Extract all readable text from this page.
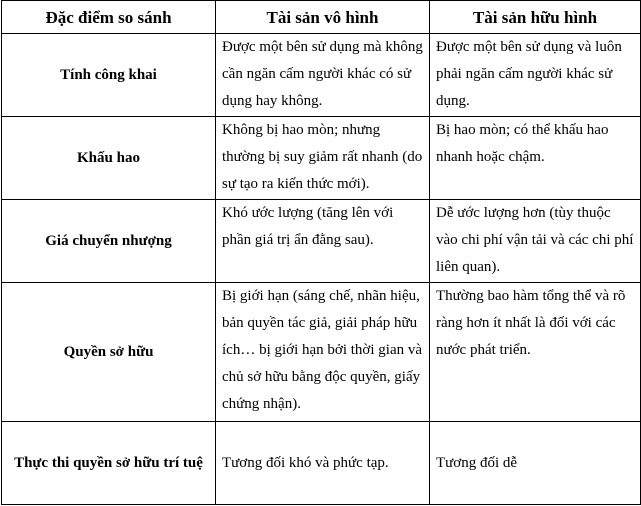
Đặc điểm so sánh	Tài sản vô hình	Tài sản hữu hình
Tính công khai	Được một bên sử dụng mà không cần ngăn cấm người khác có sử dụng hay không.	Được một bên sử dụng và luôn phải ngăn cấm người khác sử dụng.
Khấu hao	Không bị hao mòn; nhưng thường bị suy giảm rất nhanh (do sự tạo ra kiến thức mới).	Bị hao mòn; có thể khấu hao nhanh hoặc chậm.
Giá chuyển nhượng	Khó ước lượng (tăng lên với phần giá trị ẩn đằng sau).	Dễ ước lượng hơn (tùy thuộc vào chi phí vận tải và các chi phí liên quan).
Quyền sở hữu	Bị giới hạn (sáng chế, nhãn hiệu, bản quyền tác giả, giải pháp hữu ích… bị giới hạn bởi thời gian và chủ sở hữu bằng độc quyền, giấy chứng nhận).	Thường bao hàm tổng thể và rõ ràng hơn ít nhất là đối với các nước phát triển.
Thực thi quyền sở hữu trí tuệ	Tương đối khó và phức tạp.	Tương đối dễ
